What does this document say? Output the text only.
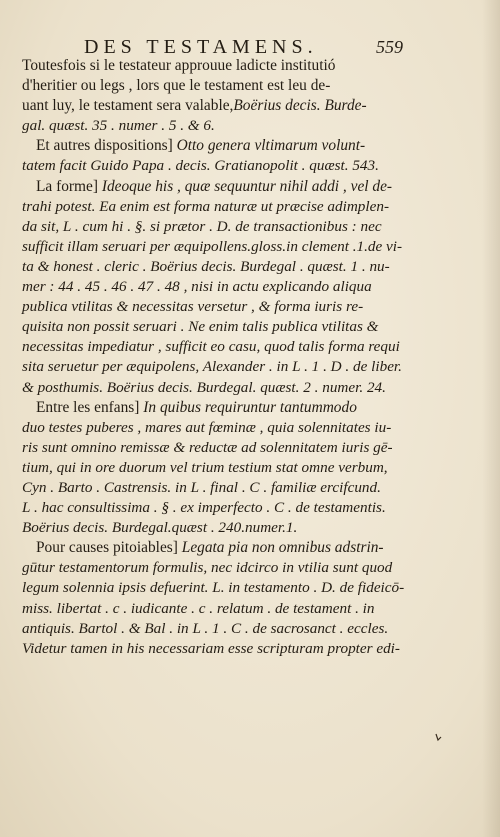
DES TESTAMENS.	559
Toutesfois si le testateur approuue ladicte institutió
d'heritier ou legs , lors que le testament est leu de-
uant luy, le testament sera valable,Boërius decis. Burde-
gal. quæst. 35 . numer . 5 . & 6.
Et autres dispositions] Otto genera vltimarum volunt-
tatem facit Guido Papa . decis. Gratianopolit . quæst. 543.
La forme] Ideoque his , quæ sequuntur nihil addi , vel de-
trahi potest. Ea enim est forma naturæ ut præcise adimplen-
da sit, L . cum hi . §. si prætor . D. de transactionibus : nec
sufficit illam seruari per æquipollens.gloss.in clement .1.de vi-
ta & honest . cleric . Boërius decis. Burdegal . quæst. 1 . nu-
mer : 44 . 45 . 46 . 47 . 48 , nisi in actu explicando aliqua
publica vtilitas & necessitas versetur , & forma iuris re-
quisita non possit seruari . Ne enim talis publica vtilitas &
necessitas impediatur , sufficit eo casu, quod talis forma requi
sita seruetur per æquipolens, Alexander . in L . 1 . D . de liber.
& posthumis. Boërius decis. Burdegal. quæst. 2 . numer. 24.
Entre les enfans] In quibus requiruntur tantummodo
duo testes puberes , mares aut fœminæ , quia solennitates iu-
ris sunt omnino remissæ & reductæ ad solennitatem iuris gē-
tium, qui in ore duorum vel trium testium stat omne verbum,
Cyn . Barto . Castrensis. in L . final . C . familiæ ercifcund.
L . hac consultissima . § . ex imperfecto . C . de testamentis.
Boërius decis. Burdegal.quæst . 240.numer.1.
Pour causes pitoiables] Legata pia non omnibus adstrin-
gūtur testamentorum formulis, nec idcirco in vtilia sunt quod
legum solennia ipsis defuerint. L. in testamento . D. de fideicō-
miss. libertat . c . iudicante . c . relatum . de testament . in
antiquis. Bartol . & Bal . in L . 1 . C . de sacrosanct . eccles.
Videtur tamen in his necessariam esse scripturam propter edi-
